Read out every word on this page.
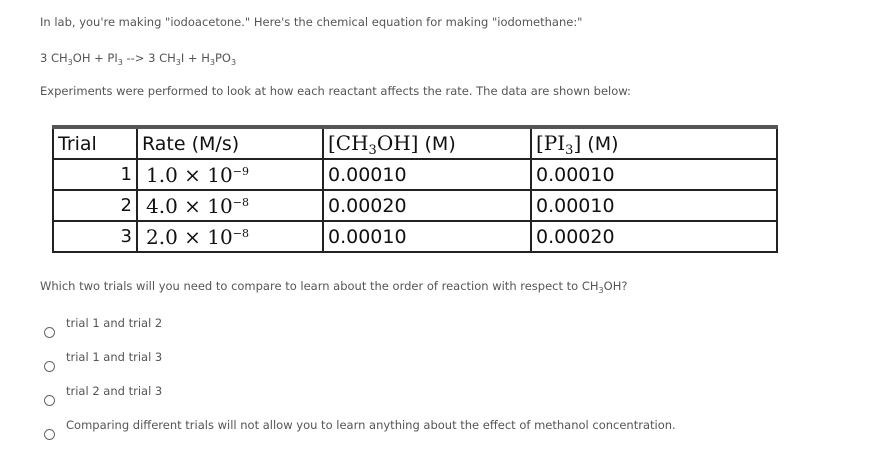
In lab, you're making "iodoacetone." Here's the chemical equation for making "iodomethane:"
3 $CH_3OH + PI_3$ --> 3 $CH_3I + H_3PO_3$
Experiments were performed to look at how each reactant affects the rate. The data are shown below:
Trial	Rate (M/s)	$[CH_3OH]$ (M)	$[PI_3]$ (M)
1	$1.0 \times 10^{-9}$	0.00010	0.00010
2	$4.0 \times 10^{-8}$	0.00020	0.00010
3	$2.0 \times 10^{-8}$	0.00010	0.00020
Which two trials will you need to compare to learn about the order of reaction with respect to $CH_3OH$?
trial 1 and trial 2
trial 1 and trial 3
trial 2 and trial 3
Comparing different trials will not allow you to learn anything about the effect of methanol concentration.
